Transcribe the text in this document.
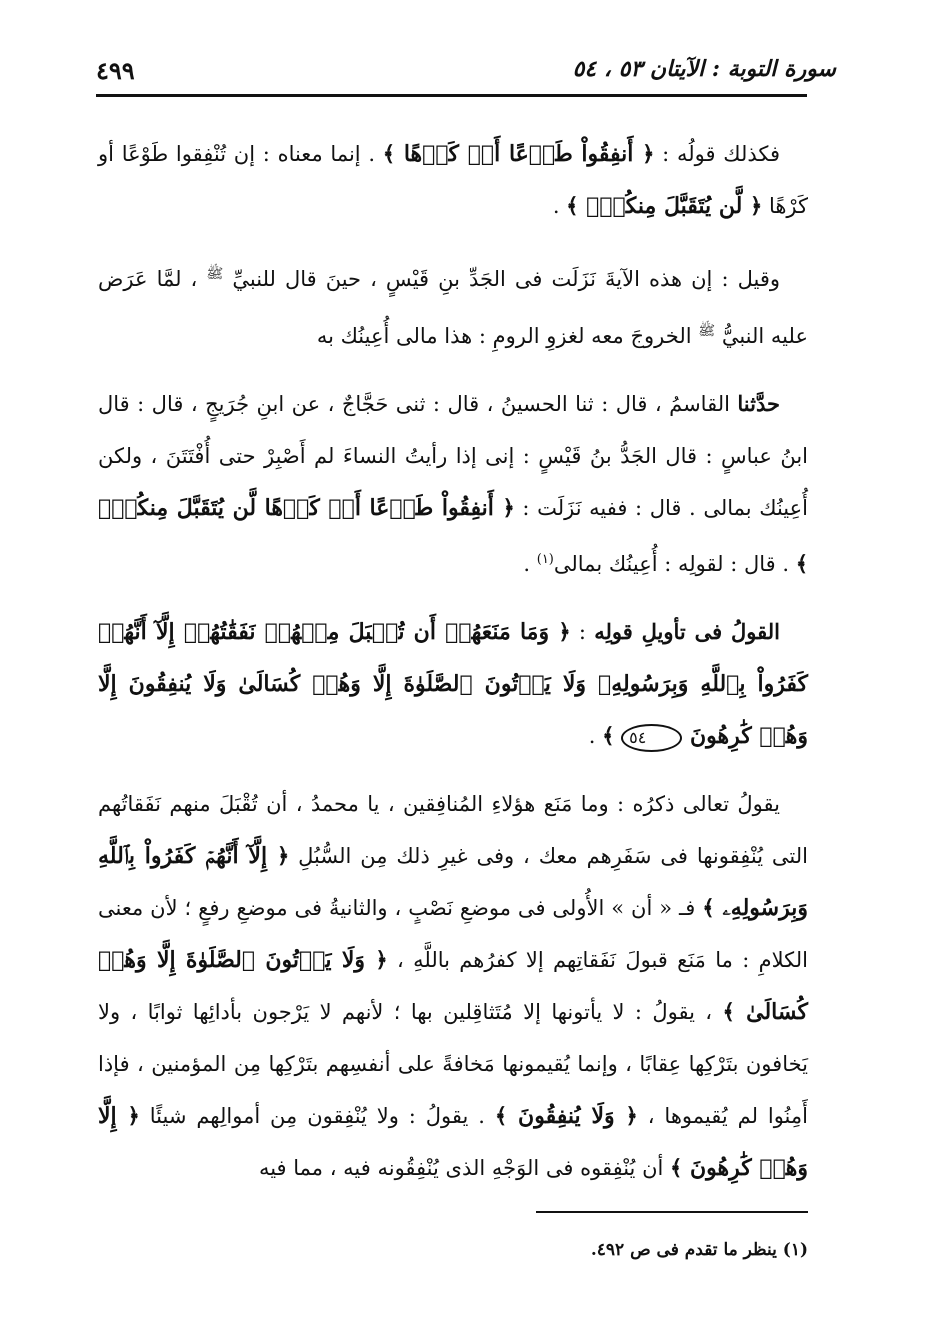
٤٩٩	سورة التوبة : الآيتان ٥٣ ، ٥٤

فكذلك قولُه : ﴿ أَنفِقُواْ طَوۡعًا أَوۡ كَرۡهًا ﴾ . إنما معناه : إن تُنْفِقوا طَوْعًا أو كَرْهًا ﴿ لَّن يُتَقَبَّلَ مِنكُمۡۖ ﴾ .

وقيل : إن هذه الآيةَ نَزَلَت فى الجَدِّ بنِ قَيْسٍ ، حينَ قال للنبيِّ $^ﷺ$ ، لمَّا عَرَض عليه النبيُّ $^ﷺ$ الخروجَ معه لغزوِ الرومِ : هذا مالى أُعِينُك به

حدَّثنا القاسمُ ، قال : ثنا الحسينُ ، قال : ثنى حَجَّاجٌ ، عن ابنِ جُرَيجٍ ، قال : قال ابنُ عباسٍ : قال الجَدُّ بنُ قَيْسٍ : إنى إذا رأيتُ النساءَ لم أَصْبِرْ حتى أُفْتَتَنَ ، ولكن أُعِينُك بمالى . قال : ففيه نَزَلَت : ﴿ أَنفِقُواْ طَوۡعًا أَوۡ كَرۡهًا لَّن يُتَقَبَّلَ مِنكُمۡۖ ﴾ . قال : لقولِه : أُعِينُك بمالى$^{(١)}$ .

القولُ فى تأويلِ قولِه : ﴿ وَمَا مَنَعَهُمۡ أَن تُقۡبَلَ مِنۡهُمۡ نَفَقَٰتُهُمۡ إِلَّآ أَنَّهُمۡ كَفَرُواْ بِٱللَّهِ وَبِرَسُولِهِۦ وَلَا يَأۡتُونَ ٱلصَّلَوٰةَ إِلَّا وَهُمۡ كُسَالَىٰ وَلَا يُنفِقُونَ إِلَّا وَهُمۡ كَٰرِهُونَ ٥٤ ﴾ .

يقولُ تعالى ذكرُه : وما مَنَع هؤلاءِ المُنافِقين ، يا محمدُ ، أن تُقْبَلَ منهم نَفَقاتُهم التى يُنْفِقونها فى سَفَرِهم معك ، وفى غيرِ ذلك مِن السُّبُلِ ﴿ إِلَّآ أَنَّهُمۡ كَفَرُواْ بِٱللَّهِ وَبِرَسُولِهِۦ ﴾ فـ « أن » الأُولى فى موضعِ نَصْبٍ ، والثانيةُ فى موضعِ رفعٍ ؛ لأن معنى الكلامِ : ما مَنَع قبولَ نَفَقاتِهم إلا كفرُهم باللَّهِ ، ﴿ وَلَا يَأۡتُونَ ٱلصَّلَوٰةَ إِلَّا وَهُمۡ كُسَالَىٰ ﴾ ، يقولُ : لا يأتونها إلا مُتَثاقِلين بها ؛ لأنهم لا يَرْجون بأدائِها ثوابًا ، ولا يَخافون بتَرْكِها عِقابًا ، وإنما يُقيمونها مَخافةً على أنفسِهم بتَرْكِها مِن المؤمنين ، فإذا أَمِنُوا لم يُقيموها ، ﴿ وَلَا يُنفِقُونَ ﴾ . يقولُ : ولا يُنْفِقون مِن أموالِهم شيئًا ﴿ إِلَّا وَهُمۡ كَٰرِهُونَ ﴾ أن يُنْفِقوه فى الوَجْهِ الذى يُنْفِقُونه فيه ، مما فيه

(١) ينظر ما تقدم فى ص ٤٩٢.
